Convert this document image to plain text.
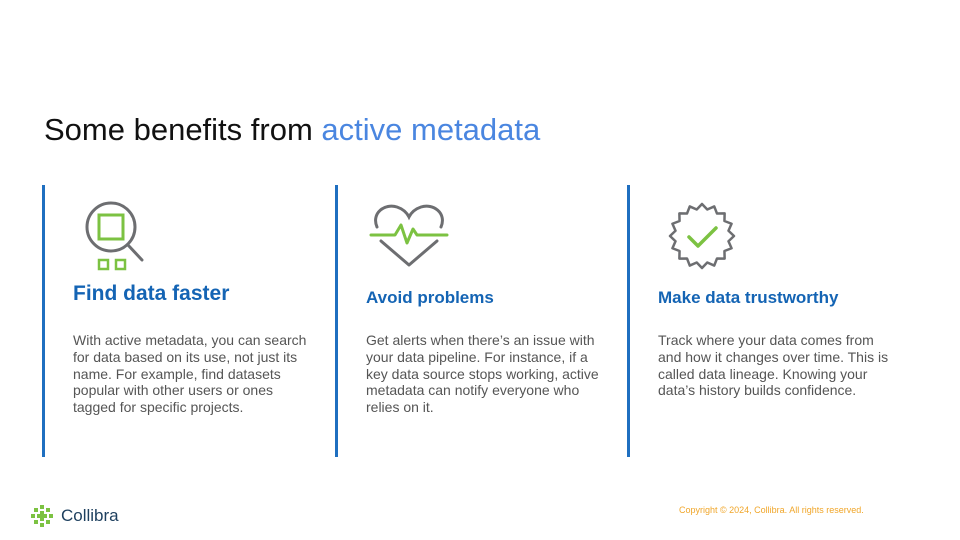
Some benefits from active metadata
Find data faster

With active metadata, you can search for data based on its use, not just its name. For example, find datasets popular with other users or ones tagged for specific projects.

Avoid problems

Get alerts when there’s an issue with your data pipeline. For instance, if a key data source stops working, active metadata can notify everyone who relies on it.

Make data trustworthy

Track where your data comes from and how it changes over time. This is called data lineage. Knowing your data’s history builds confidence.

Collibra	Copyright © 2024, Collibra. All rights reserved.
